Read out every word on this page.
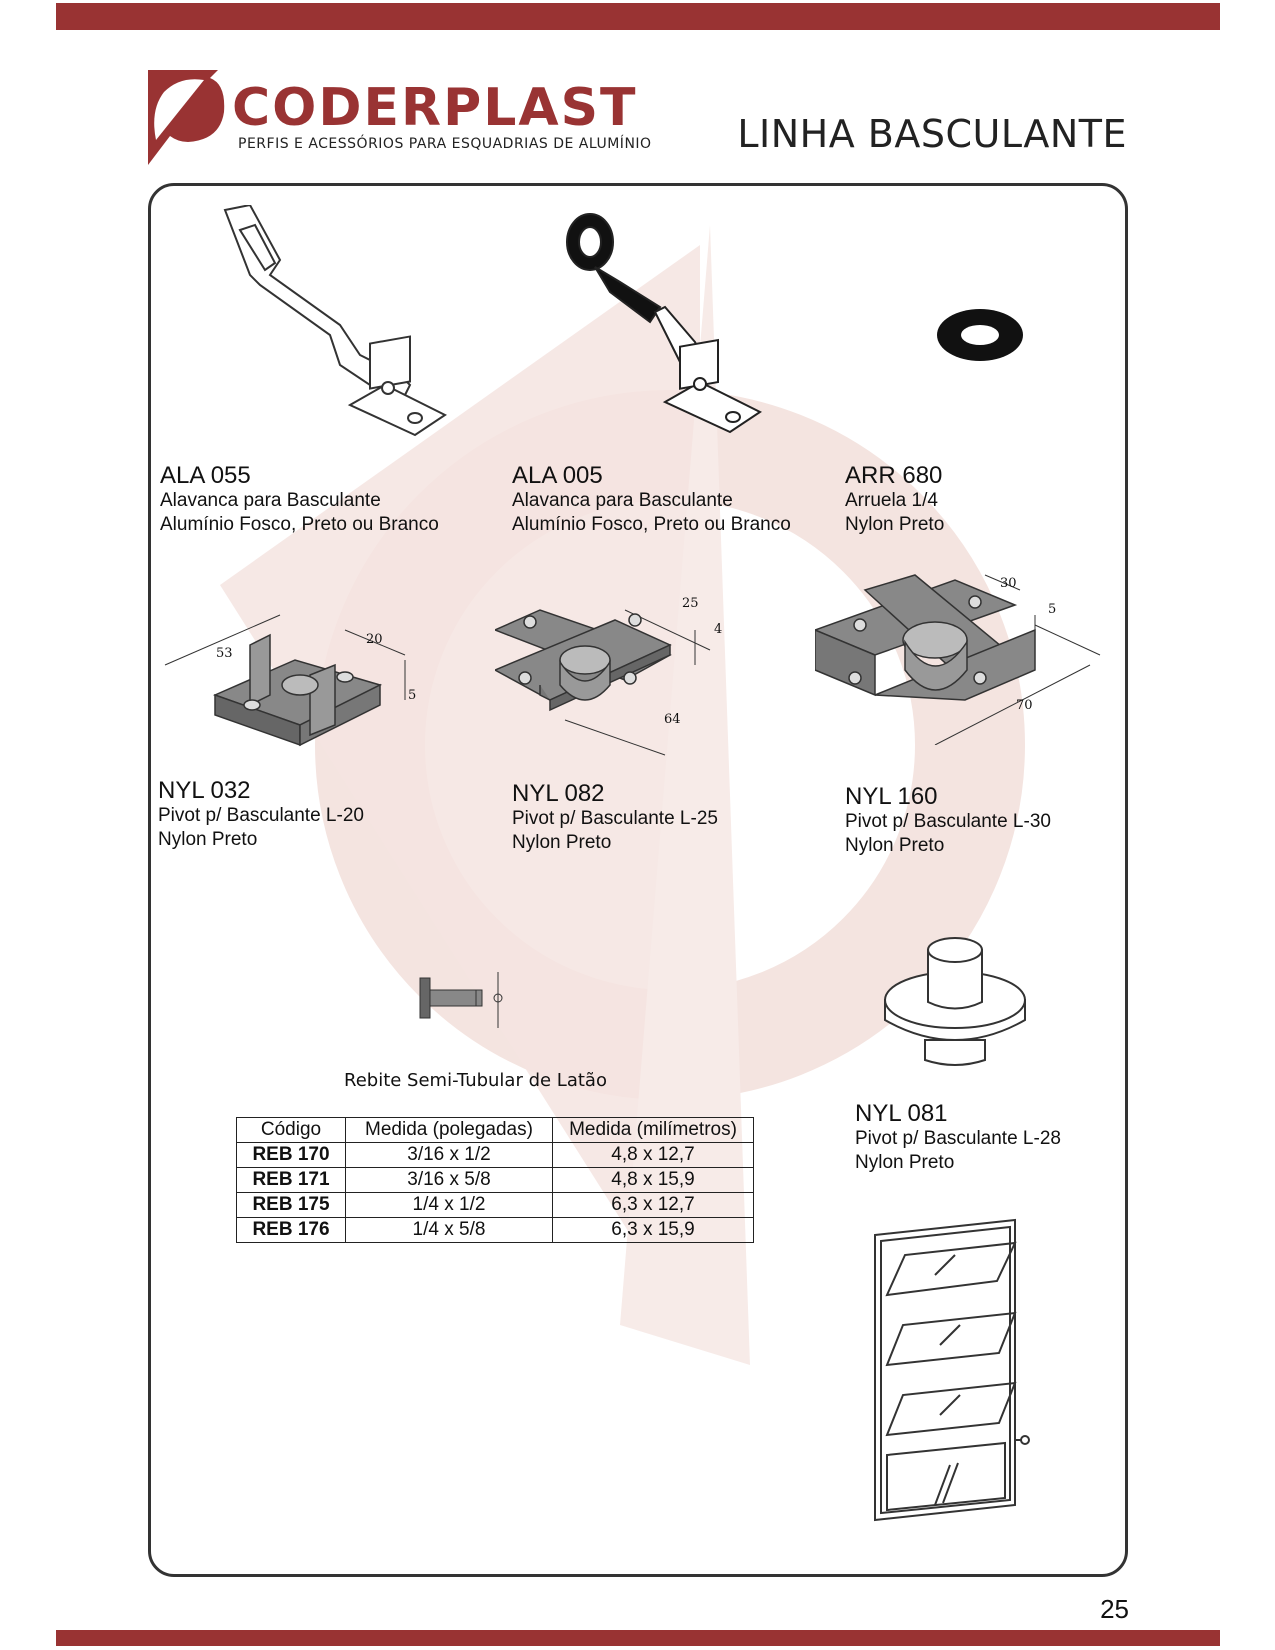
CODERPLAST
PERFIS E ACESSÓRIOS PARA ESQUADRIAS DE ALUMÍNIO LINHA BASCULANTE
53
20
5
25
4
64
30
5
70
ALA 055
Alavanca para Basculante
Alumínio Fosco, Preto ou Branco
ALA 005
Alavanca para Basculante
Alumínio Fosco, Preto ou Branco
ARR 680
Arruela 1/4
Nylon Preto
NYL 032
Pivot p/ Basculante L-20
Nylon Preto
NYL 082
Pivot p/ Basculante L-25
Nylon Preto
NYL 160
Pivot p/ Basculante L-30
Nylon Preto
NYL 081
Pivot p/ Basculante L-28
Nylon Preto
Rebite Semi-Tubular de Latão
Código	Medida (polegadas)	Medida (milímetros)
REB 170	3/16 x 1/2	4,8 x 12,7
REB 171	3/16 x 5/8	4,8 x 15,9
REB 175	1/4 x 1/2	6,3 x 12,7
REB 176	1/4 x 5/8	6,3 x 15,9
25
